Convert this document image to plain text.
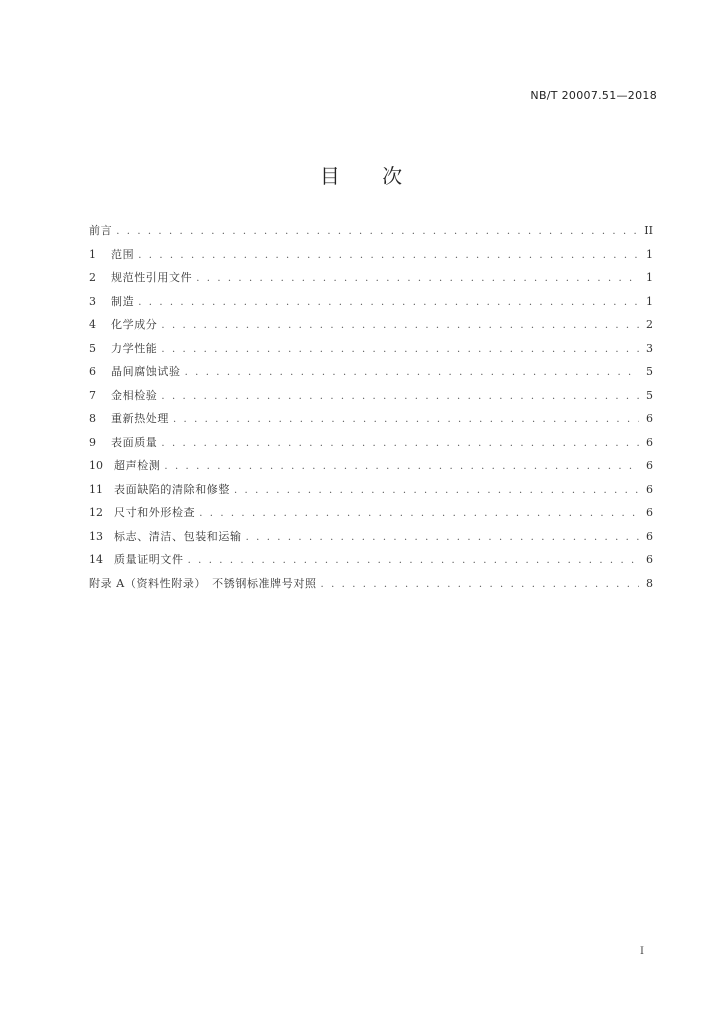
NB/T 20007.51—2018
目 次
前言 . . .	II
1	范围 . . .	1
2	规范性引用文件 . . .	1
3	制造 . . .	1
4	化学成分 . . .	2
5	力学性能 . . .	3
6	晶间腐蚀试验 . . .	5
7	金相检验 . . .	5
8	重新热处理 . . .	6
9	表面质量 . . .	6
10	超声检测 . . .	6
11	表面缺陷的清除和修整 . . .	6
12	尺寸和外形检查 . . .	6
13	标志、清洁、包装和运输 . . .	6
14	质量证明文件 . . .	6
附录 A（资料性附录）　不锈钢标准牌号对照 . . .	8
I
